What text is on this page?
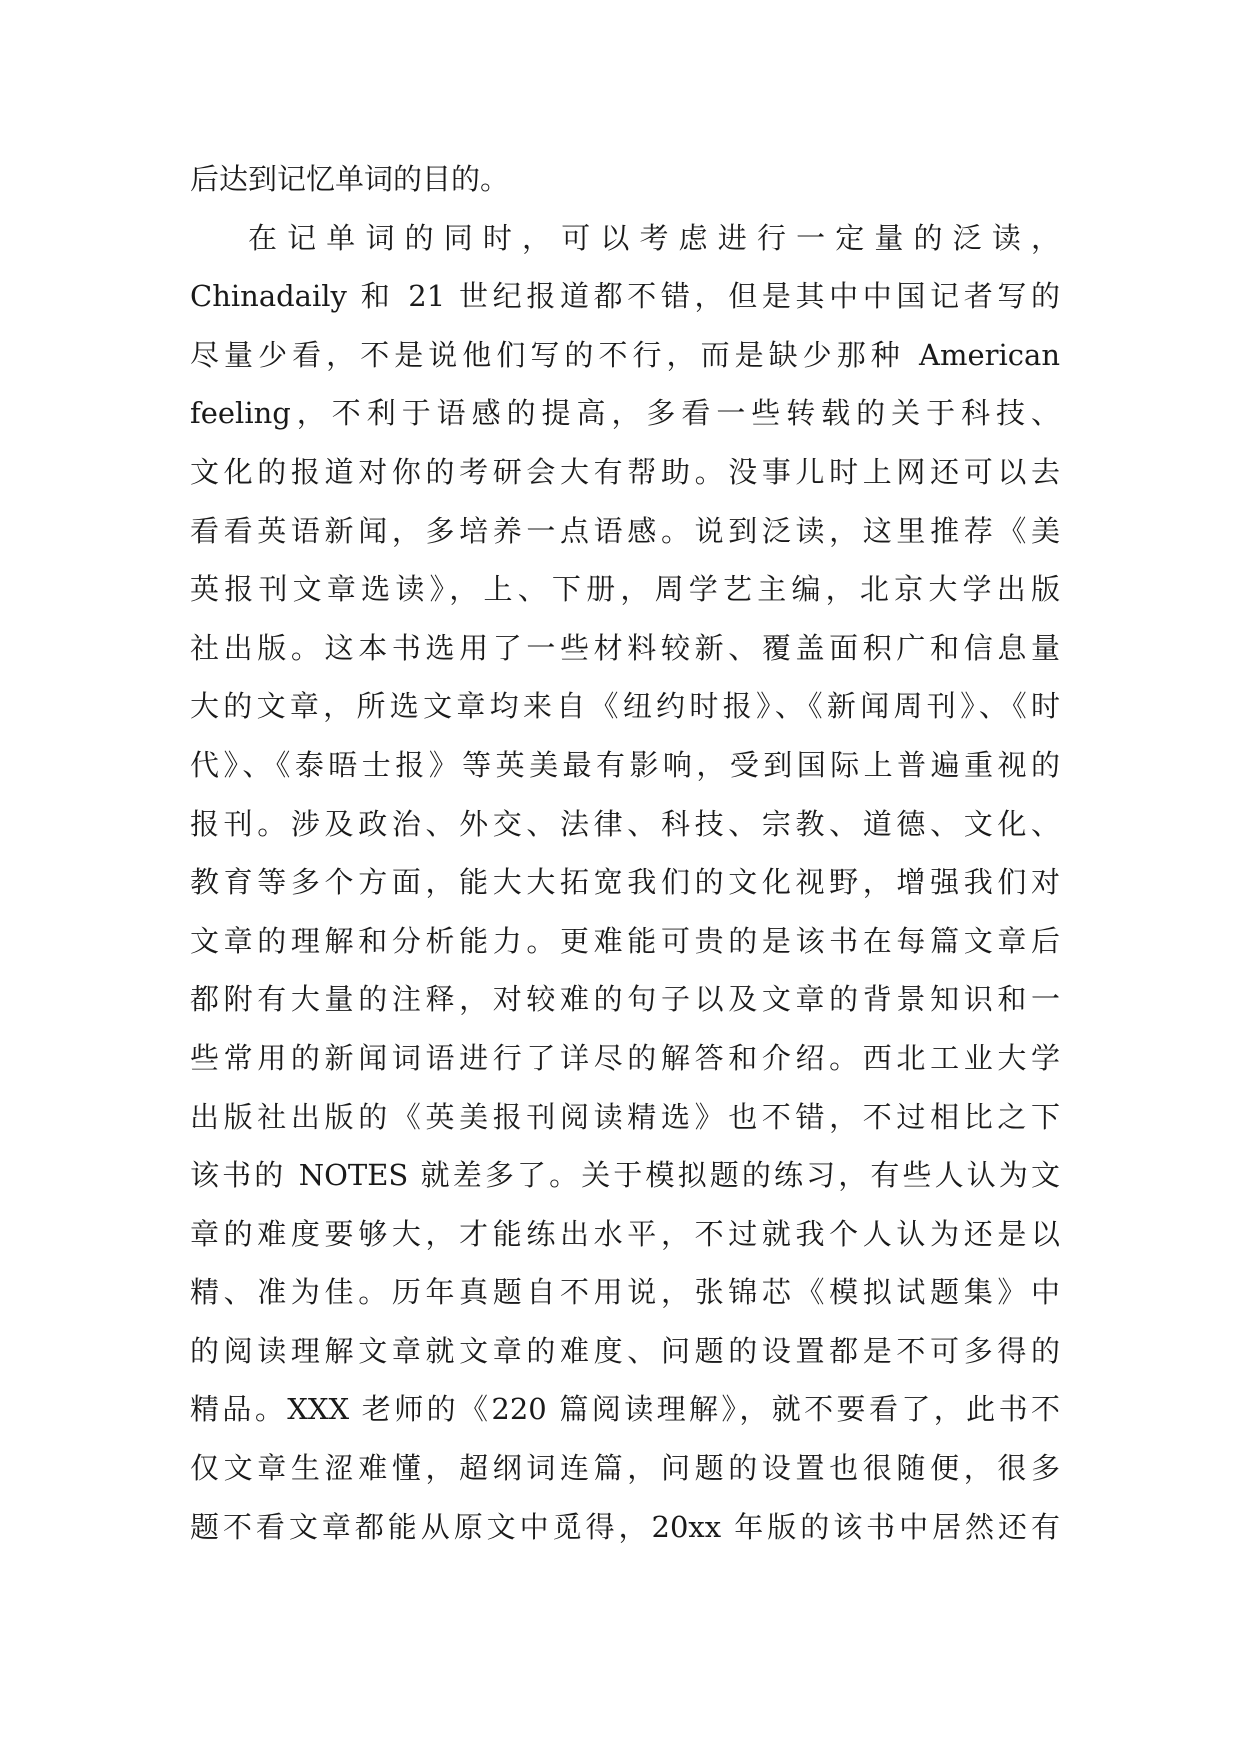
后达到记忆单词的目的。
在记单词的同时，可以考虑进行一定量的泛读，
Chinadaily 和 21 世纪报道都不错，但是其中中国记者写的
尽量少看，不是说他们写的不行，而是缺少那种 American
feeling，不利于语感的提高，多看一些转载的关于科技、
文化的报道对你的考研会大有帮助。没事儿时上网还可以去
看看英语新闻，多培养一点语感。说到泛读，这里推荐《美
英报刊文章选读》，上、下册，周学艺主编，北京大学出版
社出版。这本书选用了一些材料较新、覆盖面积广和信息量
大的文章，所选文章均来自《纽约时报》、《新闻周刊》、《时
代》、《泰晤士报》等英美最有影响，受到国际上普遍重视的
报刊。涉及政治、外交、法律、科技、宗教、道德、文化、
教育等多个方面，能大大拓宽我们的文化视野，增强我们对
文章的理解和分析能力。更难能可贵的是该书在每篇文章后
都附有大量的注释，对较难的句子以及文章的背景知识和一
些常用的新闻词语进行了详尽的解答和介绍。西北工业大学
出版社出版的《英美报刊阅读精选》也不错，不过相比之下
该书的 NOTES 就差多了。关于模拟题的练习，有些人认为文
章的难度要够大，才能练出水平，不过就我个人认为还是以
精、准为佳。历年真题自不用说，张锦芯《模拟试题集》中
的阅读理解文章就文章的难度、问题的设置都是不可多得的
精品。XXX 老师的《220 篇阅读理解》，就不要看了，此书不
仅文章生涩难懂，超纲词连篇，问题的设置也很随便，很多
题不看文章都能从原文中觅得，20xx 年版的该书中居然还有
